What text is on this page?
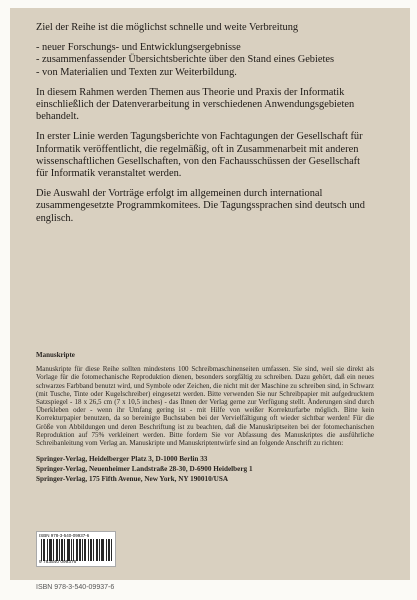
Ziel der Reihe ist die möglichst schnelle und weite Verbreitung

- neuer Forschungs- und Entwicklungsergebnisse
- zusammenfassender Übersichtsberichte über den Stand eines Gebietes
- von Materialien und Texten zur Weiterbildung.

In diesem Rahmen werden Themen aus Theorie und Praxis der Informatik einschließlich der Datenverarbeitung in verschiedenen Anwendungsgebieten behandelt.

In erster Linie werden Tagungsberichte von Fachtagungen der Gesellschaft für Informatik veröffentlicht, die regelmäßig, oft in Zusammenarbeit mit anderen wissenschaftlichen Gesellschaften, von den Fachausschüssen der Gesellschaft für Informatik veranstaltet werden.

Die Auswahl der Vorträge erfolgt im allgemeinen durch international zusammengesetzte Programmkomitees. Die Tagungssprachen sind deutsch und englisch.

Manuskripte

Manuskripte für diese Reihe sollten mindestens 100 Schreibmaschinenseiten umfassen. Sie sind, weil sie direkt als Vorlage für die fotomechanische Reproduktion dienen, besonders sorgfältig zu schreiben. Dazu gehört, daß ein neues schwarzes Farbband benutzt wird, und Symbole oder Zeichen, die nicht mit der Maschine zu schreiben sind, in Schwarz (mit Tusche, Tinte oder Kugelschreiber) eingesetzt werden. Bitte verwenden Sie nur Schreibpapier mit aufgedrucktem Satzspiegel - 18 x 26,5 cm (7 x 10,5 inches) - das Ihnen der Verlag gerne zur Verfügung stellt. Änderungen sind durch Überkleben oder - wenn ihr Umfang gering ist - mit Hilfe von weißer Korrekturfarbe möglich. Bitte kein Korrekturpapier benutzen, da so bereinigte Buchstaben bei der Vervielfältigung oft wieder sichtbar werden! Für die Größe von Abbildungen und deren Beschriftung ist zu beachten, daß die Manuskriptseiten bei der fotomechanischen Reproduktion auf 75% verkleinert werden. Bitte fordern Sie vor Abfassung des Manuskriptes die ausführliche Schreibanleitung vom Verlag an. Manuskripte und Manuskriptentwürfe sind an folgende Anschrift zu richten:

Springer-Verlag, Heidelberger Platz 3, D-1000 Berlin 33

Springer-Verlag, Neuenheimer Landstraße 28-30, D-6900 Heidelberg 1

Springer-Verlag, 175 Fifth Avenue, New York, NY 190010/USA

ISBN 978-3-540-09937-6
9 783540 099376
ISBN 978-3-540-09937-6
